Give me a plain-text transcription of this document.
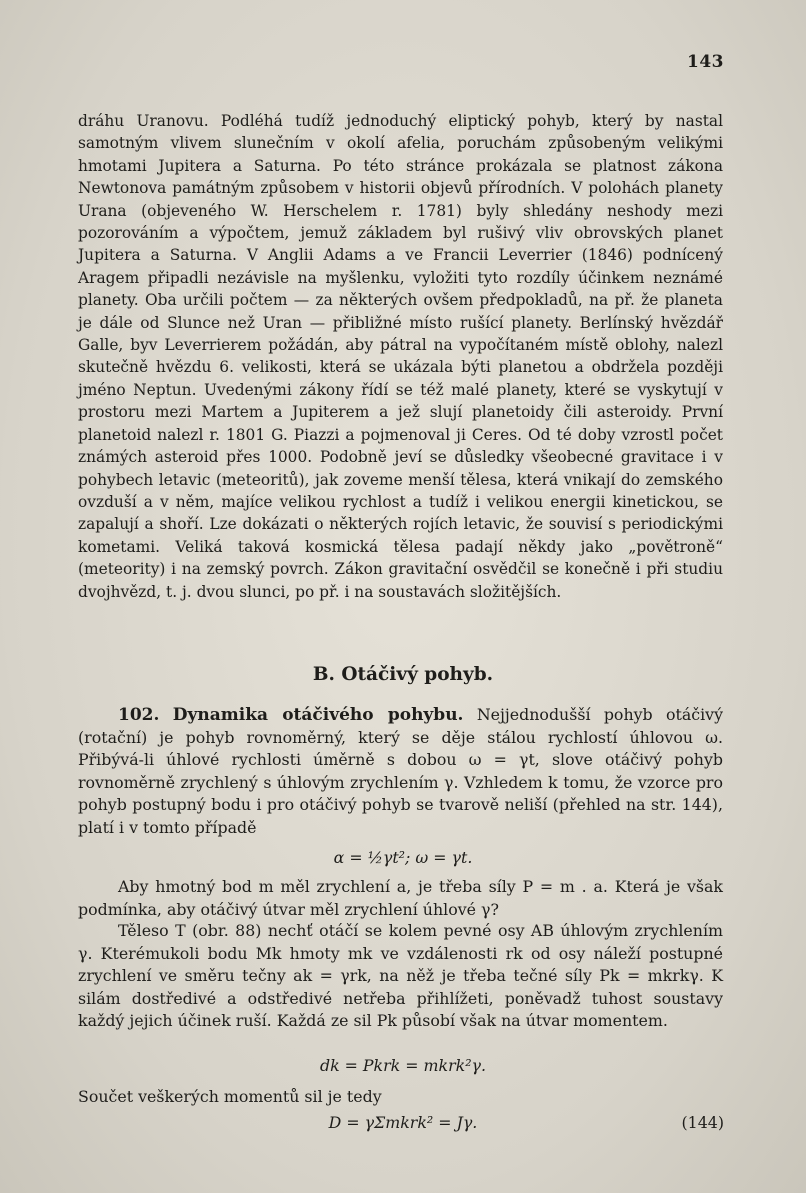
143

dráhu Uranovu. Podléhá tudíž jednoduchý eliptický pohyb, který by nastal samotným vlivem slunečním v okolí afelia, poruchám způsobeným velikými hmotami Jupitera a Saturna. Po této stránce prokázala se platnost zákona Newtonova památným způsobem v historii objevů přírodních. V polohách planety Urana (objeveného W. Herschelem r. 1781) byly shledány neshody mezi pozorováním a výpočtem, jemuž základem byl rušivý vliv obrovských planet Jupitera a Saturna. V Anglii Adams a ve Francii Leverrier (1846) podnícený Aragem připadli nezávisle na myšlenku, vyložiti tyto rozdíly účinkem neznámé planety. Oba určili počtem — za některých ovšem předpokladů, na př. že planeta je dále od Slunce než Uran — přibližné místo rušící planety. Berlínský hvězdář Galle, byv Leverrierem požádán, aby pátral na vypočítaném místě oblohy, nalezl skutečně hvězdu 6. velikosti, která se ukázala býti planetou a obdržela později jméno Neptun. Uvedenými zákony řídí se též malé planety, které se vyskytují v prostoru mezi Martem a Jupiterem a jež slují planetoidy čili asteroidy. První planetoid nalezl r. 1801 G. Piazzi a pojmenoval ji Ceres. Od té doby vzrostl počet známých asteroid přes 1000. Podobně jeví se důsledky všeobecné gravitace i v pohybech letavic (meteoritů), jak zoveme menší tělesa, která vnikají do zemského ovzduší a v něm, majíce velikou rychlost a tudíž i velikou energii kinetickou, se zapalují a shoří. Lze dokázati o některých rojích letavic, že souvisí s periodickými kometami. Veliká taková kosmická tělesa padají někdy jako „povětroně“ (meteority) i na zemský povrch. Zákon gravitační osvědčil se konečně i při studiu dvojhvězd, t. j. dvou slunci, po př. i na soustavách složitějších.

B. Otáčivý pohyb.

102. Dynamika otáčivého pohybu. Nejjednodušší pohyb otáčivý (rotační) je pohyb rovnoměrný, který se děje stálou rychlostí úhlovou ω. Přibývá-li úhlové rychlosti úměrně s dobou ω = γt, slove otáčivý pohyb rovnoměrně zrychlený s úhlovým zrychlením γ. Vzhledem k tomu, že vzorce pro pohyb postupný bodu i pro otáčivý pohyb se tvarově neliší (přehled na str. 144), platí i v tomto případě

α = ½γt²; ω = γt.

Aby hmotný bod m měl zrychlení a, je třeba síly P = m . a. Která je však podmínka, aby otáčivý útvar měl zrychlení úhlové γ?

Těleso T (obr. 88) nechť otáčí se kolem pevné osy AB úhlovým zrychlením γ. Kterémukoli bodu Mk hmoty mk ve vzdálenosti rk od osy náleží postupné zrychlení ve směru tečny ak = γrk, na něž je třeba tečné síly Pk = mkrkγ. K silám dostředivé a odstředivé netřeba přihlížeti, poněvadž tuhost soustavy každý jejich účinek ruší. Každá ze sil Pk působí však na útvar momentem.

dk = Pkrk = mkrk²γ.

Součet veškerých momentů sil je tedy

D = γΣmkrk² = Jγ.	(144)
